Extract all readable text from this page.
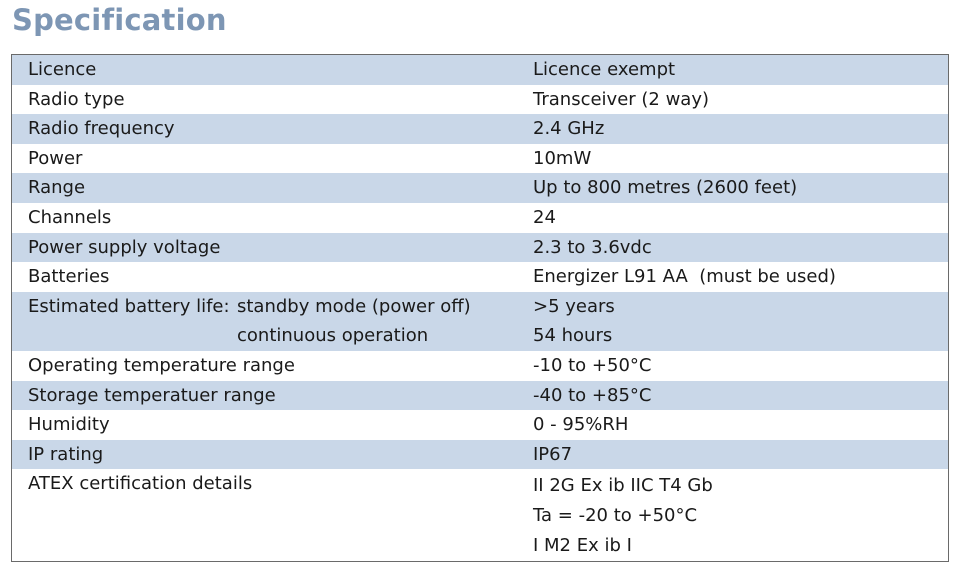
Specification
Licence	Licence exempt
Radio type	Transceiver (2 way)
Radio frequency	2.4 GHz
Power	10mW
Range	Up to 800 metres (2600 feet)
Channels	24
Power supply voltage	2.3 to 3.6vdc
Batteries	Energizer L91 AA  (must be used)
Estimated battery life: standby mode (power off)	>5 years
continuous operation	54 hours
Operating temperature range	-10 to +50°C
Storage temperatuer range	-40 to +85°C
Humidity	0 - 95%RH
IP rating	IP67
ATEX certification details	II 2G Ex ib IIC T4 Gb
Ta = -20 to +50°C
I M2 Ex ib I
